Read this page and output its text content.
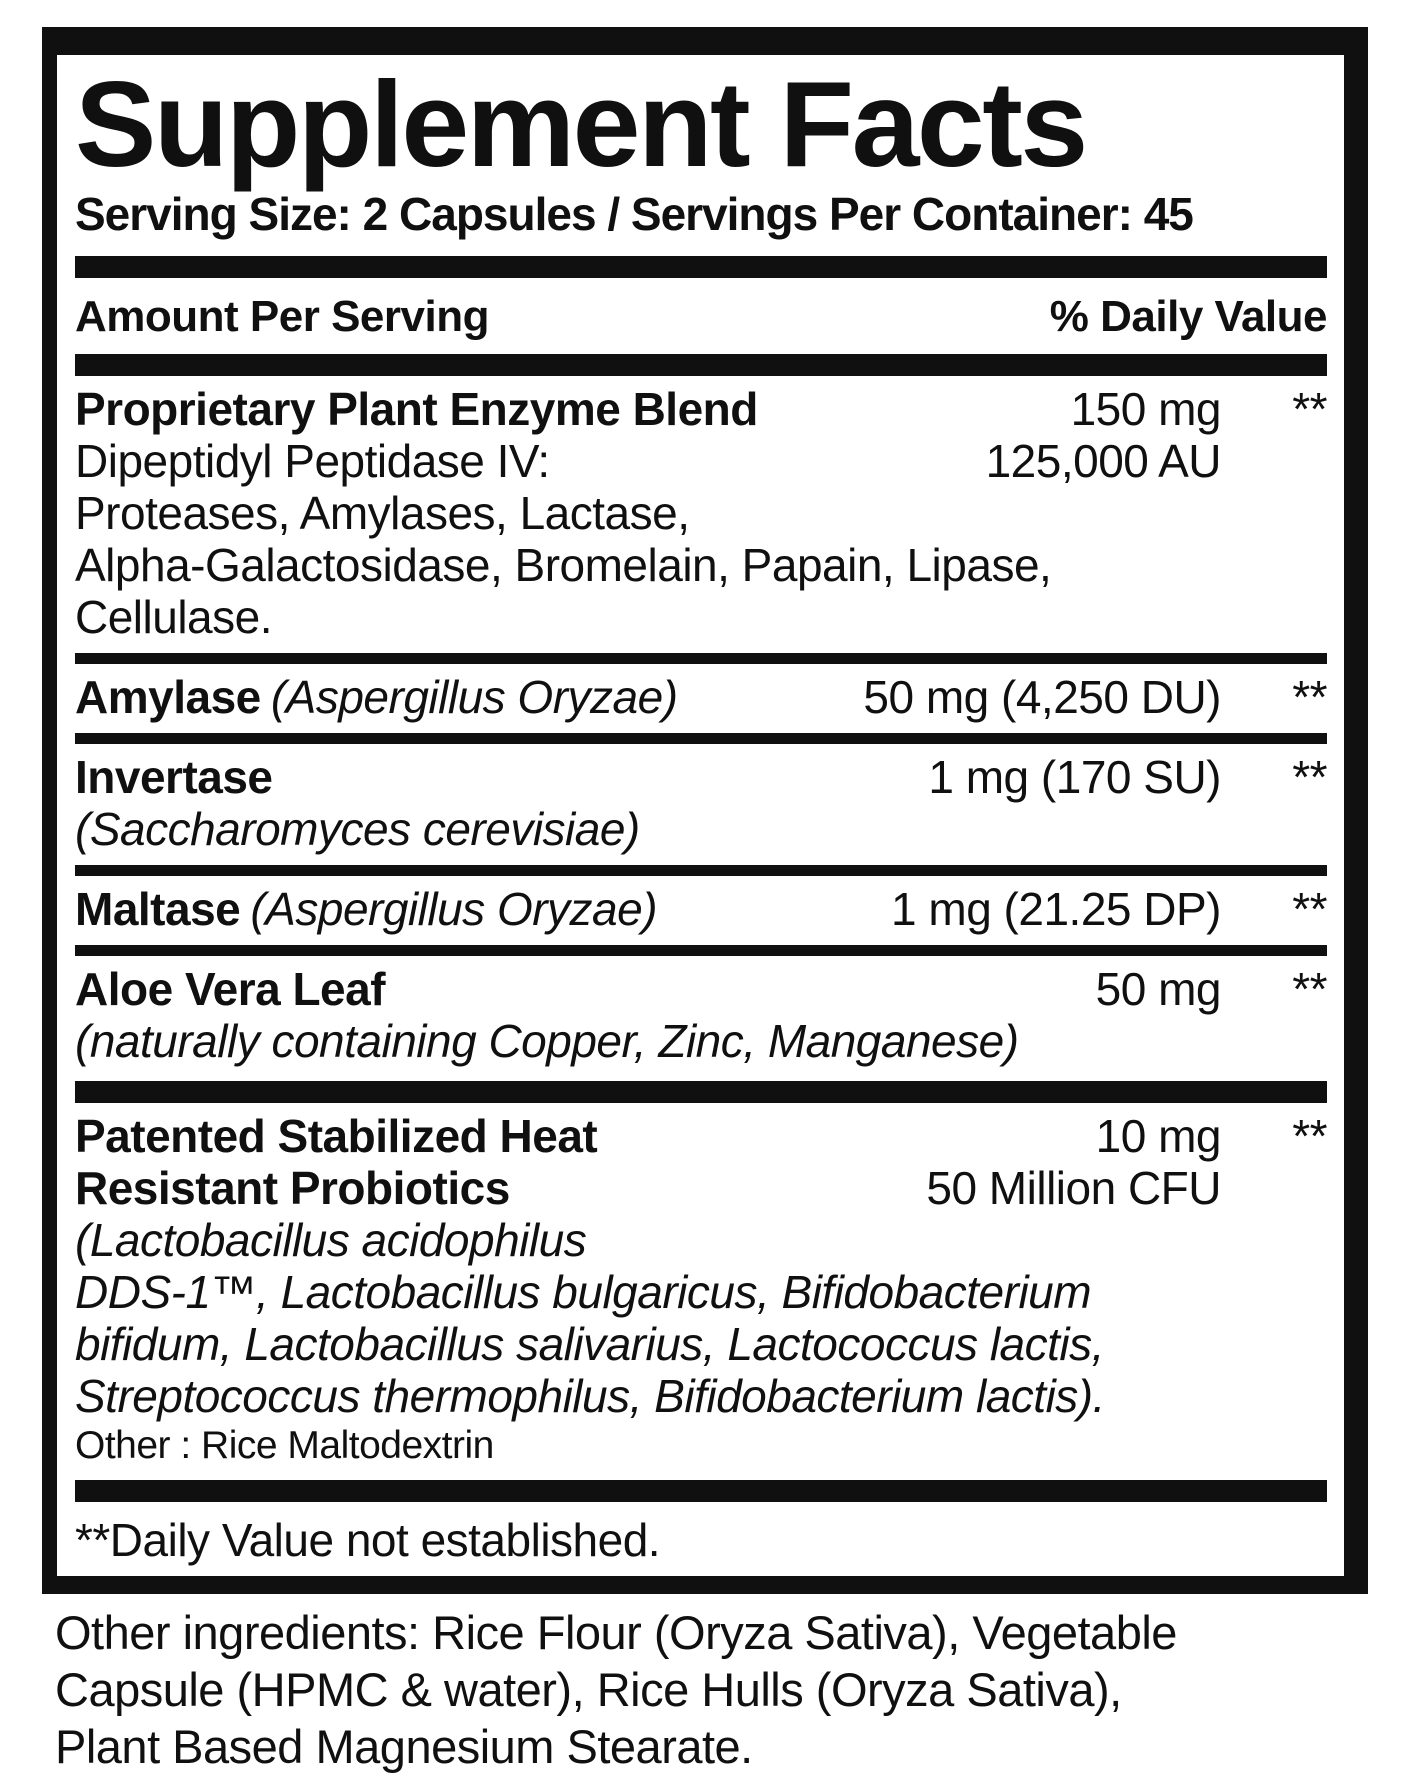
Supplement Facts
Serving Size: 2 Capsules / Servings Per Container: 45
Amount Per Serving	% Daily Value
Proprietary Plant Enzyme Blend	150 mg	**
Dipeptidyl Peptidase IV:	125,000 AU
Proteases, Amylases, Lactase,
Alpha-Galactosidase, Bromelain, Papain, Lipase,
Cellulase.
Amylase (Aspergillus Oryzae)	50 mg (4,250 DU)	**
Invertase	1 mg (170 SU)	**
(Saccharomyces cerevisiae)
Maltase (Aspergillus Oryzae)	1 mg (21.25 DP)	**
Aloe Vera Leaf	50 mg	**
(naturally containing Copper, Zinc, Manganese)
Patented Stabilized Heat	10 mg	**
Resistant Probiotics	50 Million CFU
(Lactobacillus acidophilus
DDS-1™, Lactobacillus bulgaricus, Bifidobacterium
bifidum, Lactobacillus salivarius, Lactococcus lactis,
Streptococcus thermophilus, Bifidobacterium lactis).
Other : Rice Maltodextrin
**Daily Value not established.
Other ingredients: Rice Flour (Oryza Sativa), Vegetable
Capsule (HPMC & water), Rice Hulls (Oryza Sativa),
Plant Based Magnesium Stearate.
